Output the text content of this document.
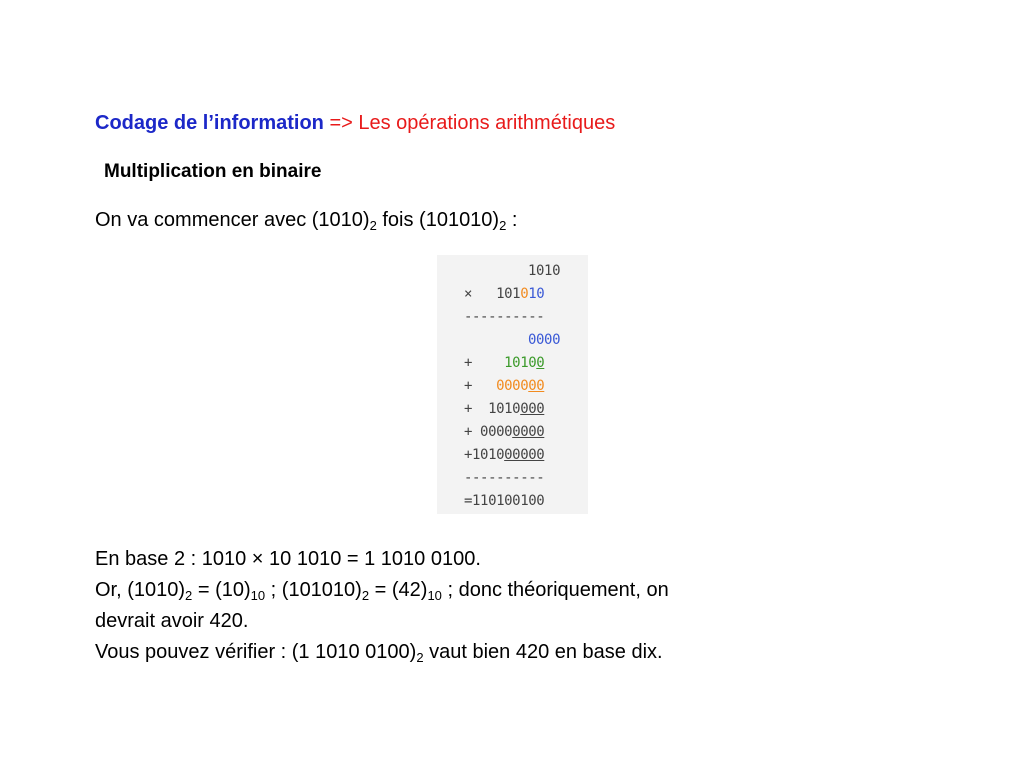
Codage de l’information => Les opérations arithmétiques
Multiplication en binaire
On va commencer avec $(1010)_2$ fois $(101010)_2$ :
1010
×   101010
----------
0000
+ 10100
+ 000000
+  1010000
+ 00000000
+101000000
----------
=110100100
En base 2 : 1010 × 10 1010 = 1 1010 0100.
Or, $(1010)_2 = (10)_{10}$ ; $(101010)_2 = (42)_{10}$ ; donc théoriquement, on
devrait avoir 420.
Vous pouvez vérifier : (1 1010 $0100)_2$ vaut bien 420 en base dix.
